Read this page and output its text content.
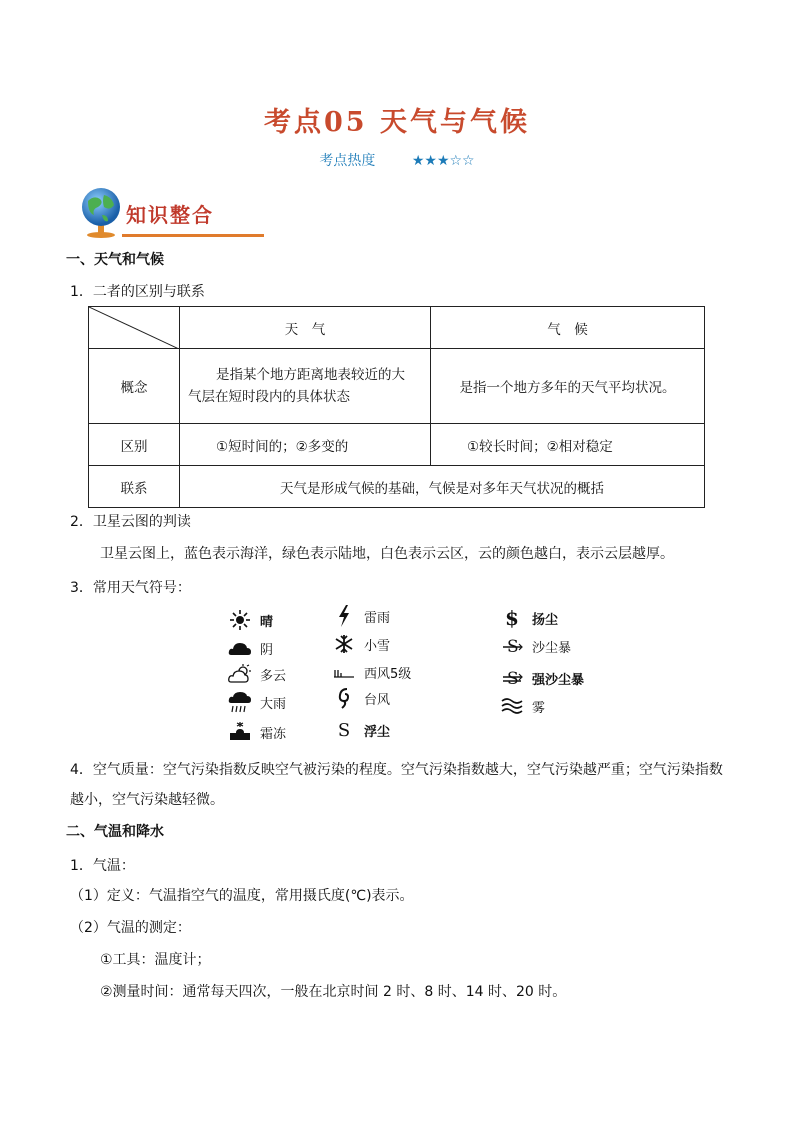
考点05 天气与气候
考点热度	★★★☆☆
知识整合
一、天气和气候
1．二者的区别与联系
	天　气	气　候
概念	是指某个地方距离地表较近的大
气层在短时段内的具体状态	是指一个地方多年的天气平均状况。
区别	①短时间的；②多变的	①较长时间；②相对稳定
联系	天气是形成气候的基础，气候是对多年天气状况的概括	
2．卫星云图的判读
卫星云图上，蓝色表示海洋，绿色表示陆地，白色表示云区，云的颜色越白，表示云层越厚。
3．常用天气符号：
晴
阴
多云
大雨
霜冻
雷雨
小雪
西风5级
台风
S	浮尘
$	扬尘
S 沙尘暴
S 强沙尘暴
雾
4．空气质量：空气污染指数反映空气被污染的程度。空气污染指数越大，空气污染越严重；空气污染指数
越小，空气污染越轻微。
二、气温和降水
1．气温：
（1）定义：气温指空气的温度，常用摄氏度(℃)表示。
（2）气温的测定：
①工具：温度计；
②测量时间：通常每天四次，一般在北京时间 2 时、8 时、14 时、20 时。
